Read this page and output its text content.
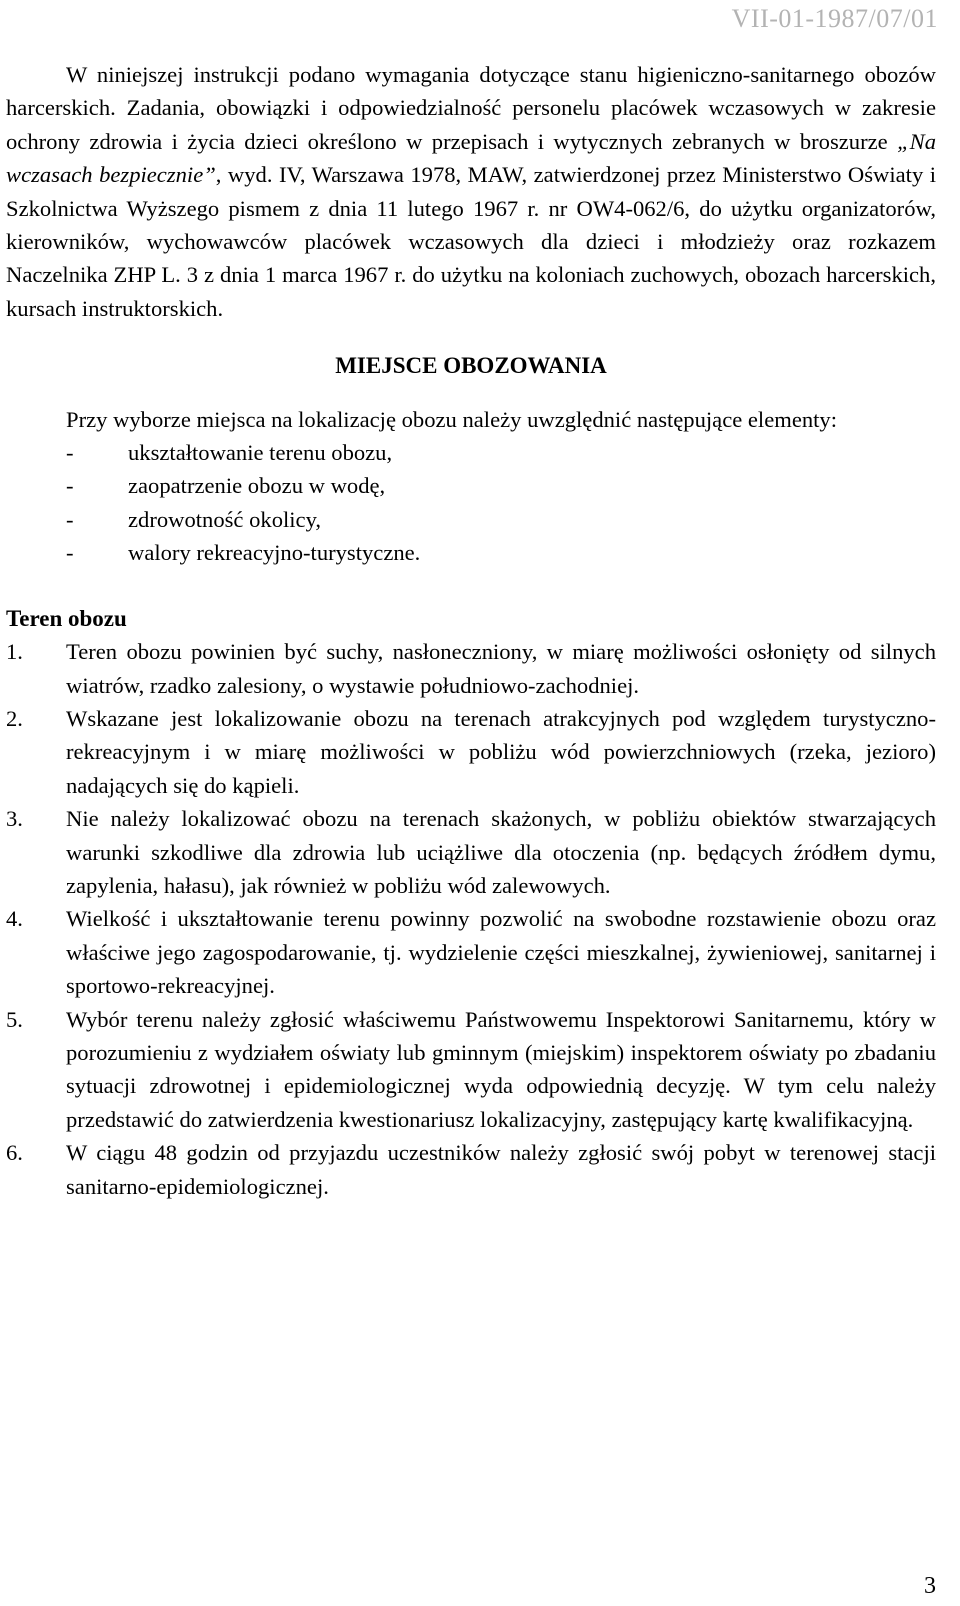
VII-01-1987/07/01

W niniejszej instrukcji podano wymagania dotyczące stanu higieniczno-sanitarnego obozów harcerskich. Zadania, obowiązki i odpowiedzialność personelu placówek wczasowych w zakresie ochrony zdrowia i życia dzieci określono w przepisach i wytycznych zebranych w broszurze „Na wczasach bezpiecznie”, wyd. IV, Warszawa 1978, MAW, zatwierdzonej przez Ministerstwo Oświaty i Szkolnictwa Wyższego pismem z dnia 11 lutego 1967 r. nr OW4-062/6, do użytku organizatorów, kierowników, wychowawców placówek wczasowych dla dzieci i młodzieży oraz rozkazem Naczelnika ZHP L. 3 z dnia 1 marca 1967 r. do użytku na koloniach zuchowych, obozach harcerskich, kursach instruktorskich.

MIEJSCE OBOZOWANIA

Przy wyborze miejsca na lokalizację obozu należy uwzględnić następujące elementy:

- ukształtowanie terenu obozu,
- zaopatrzenie obozu w wodę,
- zdrowotność okolicy,
- walory rekreacyjno-turystyczne.
Teren obozu
1. Teren obozu powinien być suchy, nasłoneczniony, w miarę możliwości osłonięty od silnych wiatrów, rzadko zalesiony, o wystawie południowo-zachodniej.
2. Wskazane jest lokalizowanie obozu na terenach atrakcyjnych pod względem turystyczno-rekreacyjnym i w miarę możliwości w pobliżu wód powierzchniowych (rzeka, jezioro) nadających się do kąpieli.
3. Nie należy lokalizować obozu na terenach skażonych, w pobliżu obiektów stwarzających warunki szkodliwe dla zdrowia lub uciążliwe dla otoczenia (np. będących źródłem dymu, zapylenia, hałasu), jak również w pobliżu wód zalewowych.
4. Wielkość i ukształtowanie terenu powinny pozwolić na swobodne rozstawienie obozu oraz właściwe jego zagospodarowanie, tj. wydzielenie części mieszkalnej, żywieniowej, sanitarnej i sportowo-rekreacyjnej.
5. Wybór terenu należy zgłosić właściwemu Państwowemu Inspektorowi Sanitarnemu, który w porozumieniu z wydziałem oświaty lub gminnym (miejskim) inspektorem oświaty po zbadaniu sytuacji zdrowotnej i epidemiologicznej wyda odpowiednią decyzję. W tym celu należy przedstawić do zatwierdzenia kwestionariusz lokalizacyjny, zastępujący kartę kwalifikacyjną.
6. W ciągu 48 godzin od przyjazdu uczestników należy zgłosić swój pobyt w terenowej stacji sanitarno-epidemiologicznej.
3
